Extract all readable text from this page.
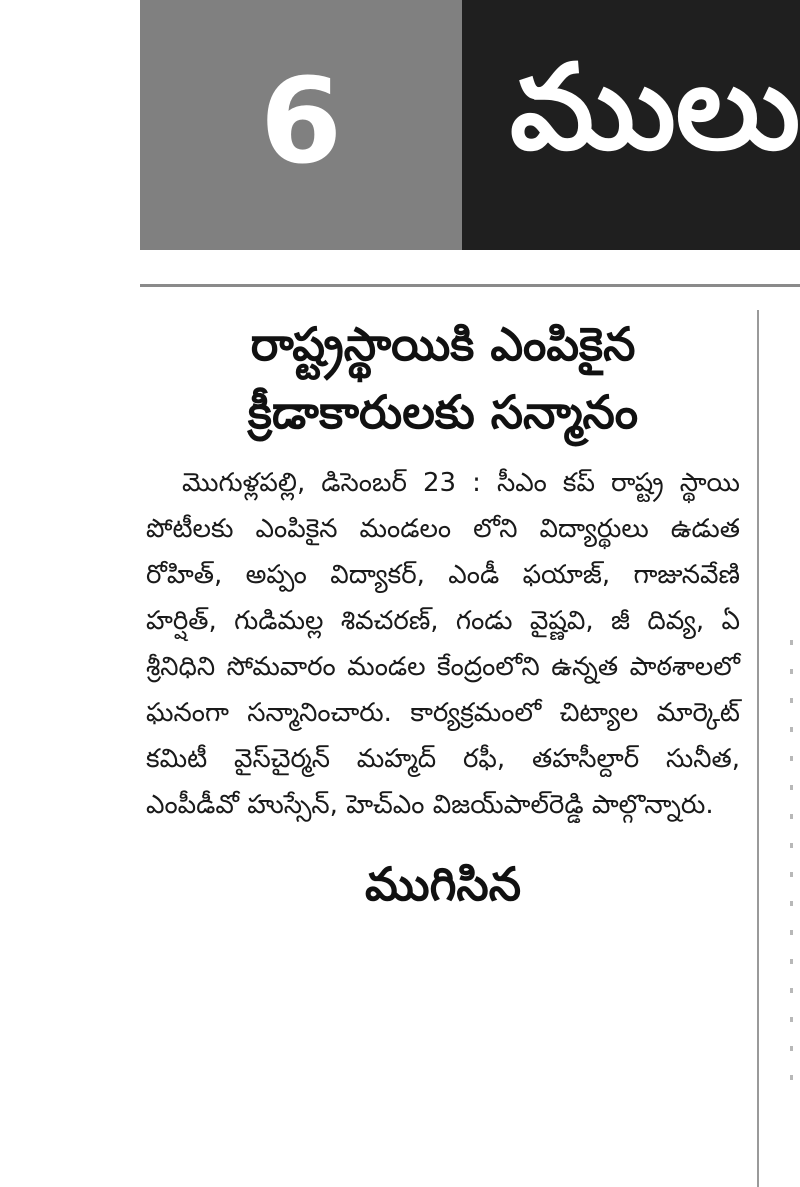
6 ములు
రాష్ట్రస్థాయికి ఎంపికైన
క్రీడాకారులకు సన్మానం

మొగుళ్లపల్లి, డిసెంబర్ 23 : సీఎం కప్ రాష్ట్ర స్థాయి పోటీలకు ఎంపికైన మండలం లోని విద్యార్థులు ఉడుత రోహిత్, అప్పం విద్యాకర్, ఎండీ ఫయాజ్, గాజునవేణి హర్షిత్, గుడిమల్ల శివచరణ్, గండు వైష్ణవి, జీ దివ్య, ఏ శ్రీనిధిని సోమవారం మండల కేంద్రంలోని ఉన్నత పాఠశాలలో ఘనంగా సన్మానించారు. కార్యక్రమంలో చిట్యాల మార్కెట్ కమిటీ వైస్‌చైర్మన్ మహ్మద్ రఫీ, తహసీల్దార్ సునీత, ఎంపీడీవో హుస్సేన్, హెచ్‌ఎం విజయ్‌పాల్‌రెడ్డి పాల్గొన్నారు.

ముగిసిన
